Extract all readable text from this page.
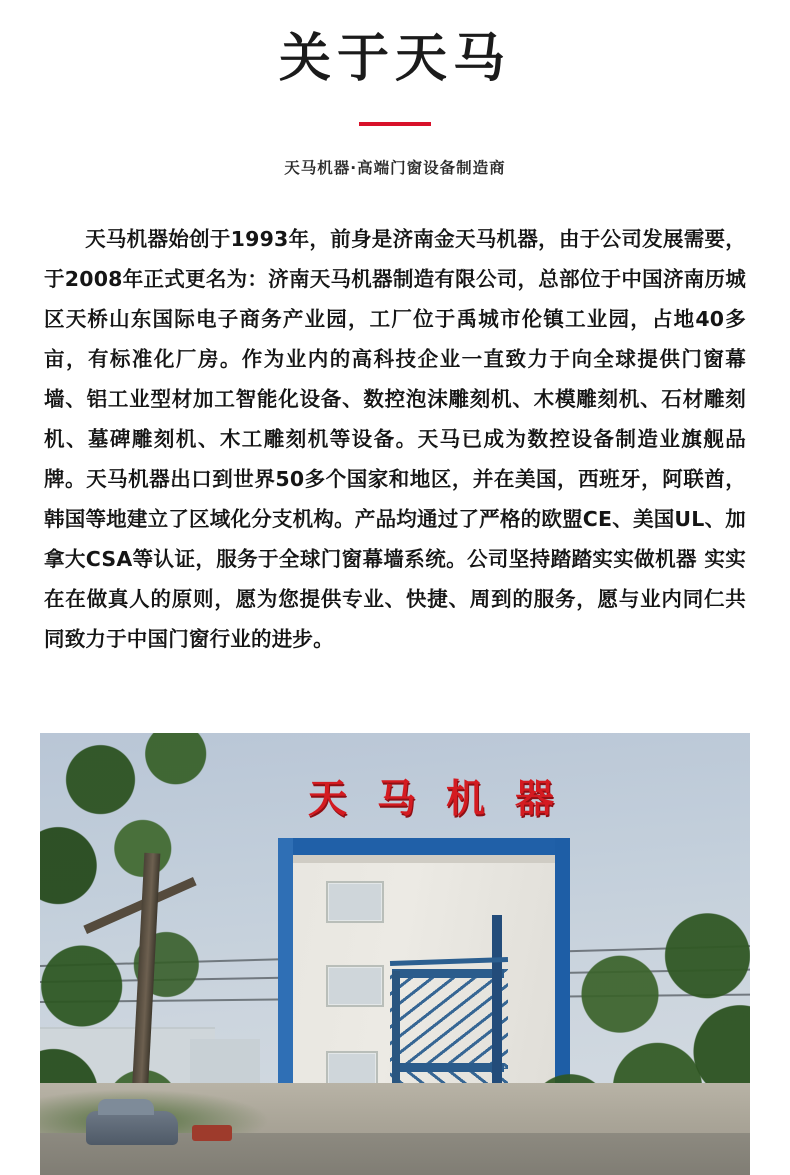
关于天马
天马机器·高端门窗设备制造商

天马机器始创于1993年，前身是济南金天马机器，由于公司发展需要，于2008年正式更名为：济南天马机器制造有限公司，总部位于中国济南历城区天桥山东国际电子商务产业园，工厂位于禹城市伦镇工业园，占地40多亩，有标准化厂房。作为业内的高科技企业一直致力于向全球提供门窗幕墙、铝工业型材加工智能化设备、数控泡沫雕刻机、木模雕刻机、石材雕刻机、墓碑雕刻机、木工雕刻机等设备。天马已成为数控设备制造业旗舰品牌。天马机器出口到世界50多个国家和地区，并在美国，西班牙，阿联酋，韩国等地建立了区域化分支机构。产品均通过了严格的欧盟CE、美国UL、加拿大CSA等认证，服务于全球门窗幕墙系统。公司坚持踏踏实实做机器 实实在在做真人的原则，愿为您提供专业、快捷、周到的服务，愿与业内同仁共同致力于中国门窗行业的进步。

天 马 机 器
